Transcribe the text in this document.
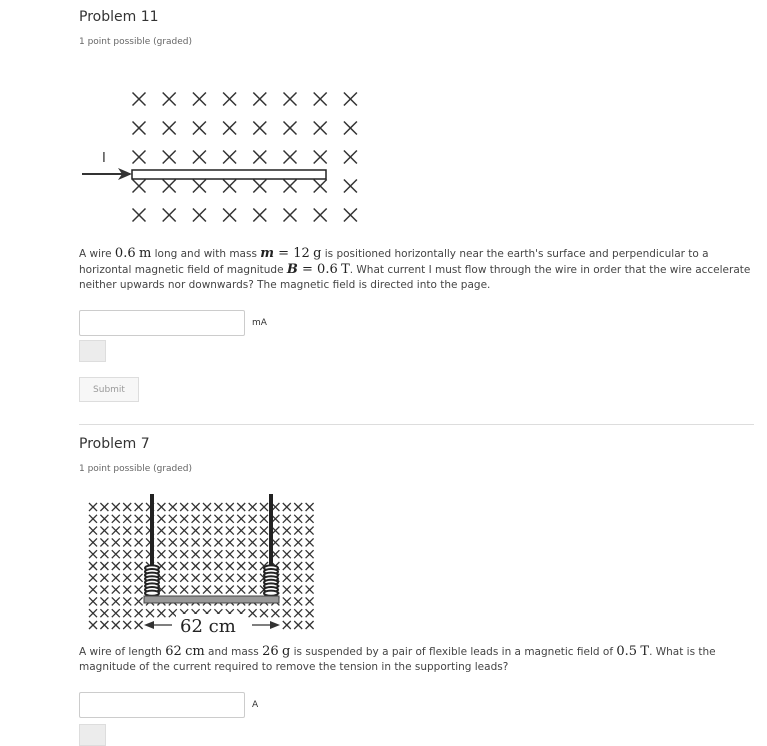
Problem 11
1 point possible (graded)
I
A wire 0.6 m long and with mass m = 12 g is positioned horizontally near the earth's surface and perpendicular to a horizontal magnetic field of magnitude B = 0.6 T. What current I must flow through the wire in order that the wire accelerate neither upwards nor downwards? The magnetic field is directed into the page.
mA
Submit
Problem 7
1 point possible (graded)
62 cm
A wire of length 62 cm and mass 26 g is suspended by a pair of flexible leads in a magnetic field of 0.5 T. What is the magnitude of the current required to remove the tension in the supporting leads?
A
